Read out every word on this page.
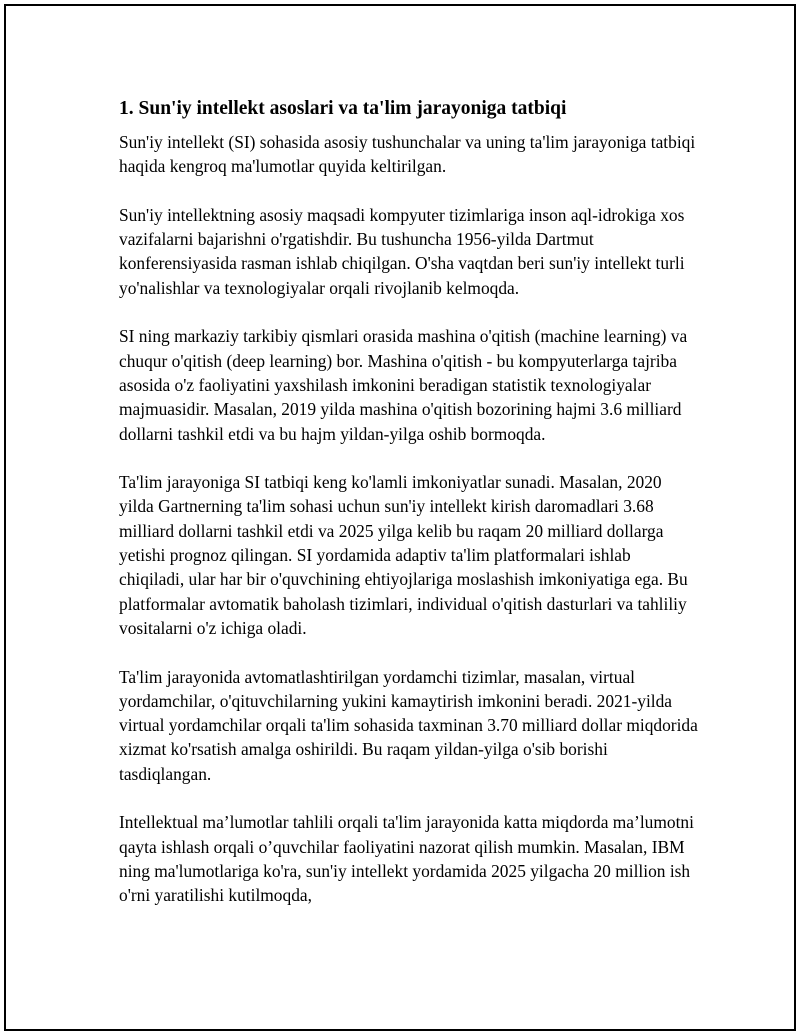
1. Sun'iy intellekt asoslari va ta'lim jarayoniga tatbiqi

Sun'iy intellekt (SI) sohasida asosiy tushunchalar va uning ta'lim jarayoniga tatbiqi haqida kengroq ma'lumotlar quyida keltirilgan.

Sun'iy intellektning asosiy maqsadi kompyuter tizimlariga inson aql-idrokiga xos vazifalarni bajarishni o'rgatishdir. Bu tushuncha 1956-yilda Dartmut konferensiyasida rasman ishlab chiqilgan. O'sha vaqtdan beri sun'iy intellekt turli yo'nalishlar va texnologiyalar orqali rivojlanib kelmoqda.

SI ning markaziy tarkibiy qismlari orasida mashina o'qitish (machine learning) va chuqur o'qitish (deep learning) bor. Mashina o'qitish - bu kompyuterlarga tajriba asosida o'z faoliyatini yaxshilash imkonini beradigan statistik texnologiyalar majmuasidir. Masalan, 2019 yilda mashina o'qitish bozorining hajmi 3.6 milliard dollarni tashkil etdi va bu hajm yildan-yilga oshib bormoqda.

Ta'lim jarayoniga SI tatbiqi keng ko'lamli imkoniyatlar sunadi. Masalan, 2020 yilda Gartnerning ta'lim sohasi uchun sun'iy intellekt kirish daromadlari 3.68 milliard dollarni tashkil etdi va 2025 yilga kelib bu raqam 20 milliard dollarga yetishi prognoz qilingan. SI yordamida adaptiv ta'lim platformalari ishlab chiqiladi, ular har bir o'quvchining ehtiyojlariga moslashish imkoniyatiga ega. Bu platformalar avtomatik baholash tizimlari, individual o'qitish dasturlari va tahliliy vositalarni o'z ichiga oladi.

Ta'lim jarayonida avtomatlashtirilgan yordamchi tizimlar, masalan, virtual yordamchilar, o'qituvchilarning yukini kamaytirish imkonini beradi. 2021-yilda virtual yordamchilar orqali ta'lim sohasida taxminan 3.70 milliard dollar miqdorida xizmat ko'rsatish amalga oshirildi. Bu raqam yildan-yilga o'sib borishi tasdiqlangan.

Intellektual ma’lumotlar tahlili orqali ta'lim jarayonida katta miqdorda ma’lumotni qayta ishlash orqali o’quvchilar faoliyatini nazorat qilish mumkin. Masalan, IBM ning ma'lumotlariga ko'ra, sun'iy intellekt yordamida 2025 yilgacha 20 million ish o'rni yaratilishi kutilmoqda,
